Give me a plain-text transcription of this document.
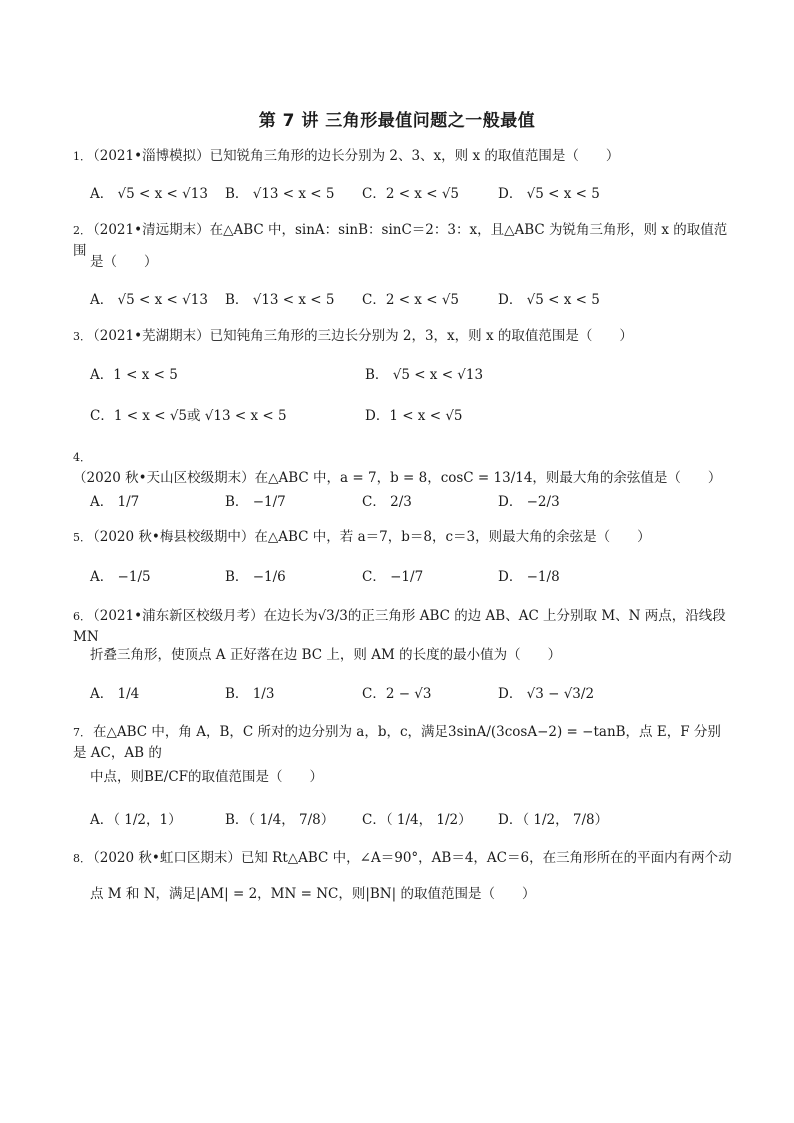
第 7 讲 三角形最值问题之一般最值
1． （2021•淄博模拟）已知锐角三角形的边长分别为 2、3、x，则 x 的取值范围是（　　）
A． √5 < x < √13 B． √13 < x < 5 C．2 < x < √5	D． √5 < x < 5
2． （2021•清远期末）在△ABC 中，sinA：sinB：sinC＝2：3：x，且△ABC 为锐角三角形，则 x 的取值范围
是（　　）
A． √5 < x < √13 B． √13 < x < 5 C．2 < x < √5	D． √5 < x < 5
3． （2021•芜湖期末）已知钝角三角形的三边长分别为 2，3，x，则 x 的取值范围是（　　）
A．1 < x < 5	B． √5 < x < √13
C．1 < x < √5或 √13 < x < 5	D．1 < x < √5
4．（2020 秋•天山区校级期末）在△ABC 中，a = 7，b = 8，cosC = 13/14，则最大角的余弦值是（　　）
A． 1/7	B． −1/7	C． 2/3	D． −2/3
5． （2020 秋•梅县校级期中）在△ABC 中，若 a＝7，b＝8，c＝3，则最大角的余弦是（　　）
A． −1/5	B． −1/6	C． −1/7	D． −1/8
6． （2021•浦东新区校级月考）在边长为√3/3的正三角形 ABC 的边 AB、AC 上分别取 M、N 两点，沿线段 MN
折叠三角形，使顶点 A 正好落在边 BC 上，则 AM 的长度的最小值为（　　）
A． 1/4	B． 1/3	C．2 − √3	D． √3 − √3/2
7． 在△ABC 中，角 A，B，C 所对的边分别为 a，b，c，满足3sinA/(3cosA−2) = −tanB，点 E，F 分别是 AC，AB 的
中点，则BE/CF的取值范围是（　　）
A．（ 1/2，1）	B．（ 1/4， 7/8） C．（ 1/4， 1/2） D．（ 1/2， 7/8）
8． （2020 秋•虹口区期末）已知 Rt△ABC 中，∠A＝90°，AB＝4，AC＝6，在三角形所在的平面内有两个动
点 M 和 N，满足|AM| = 2，MN = NC，则|BN| 的取值范围是（　　）
